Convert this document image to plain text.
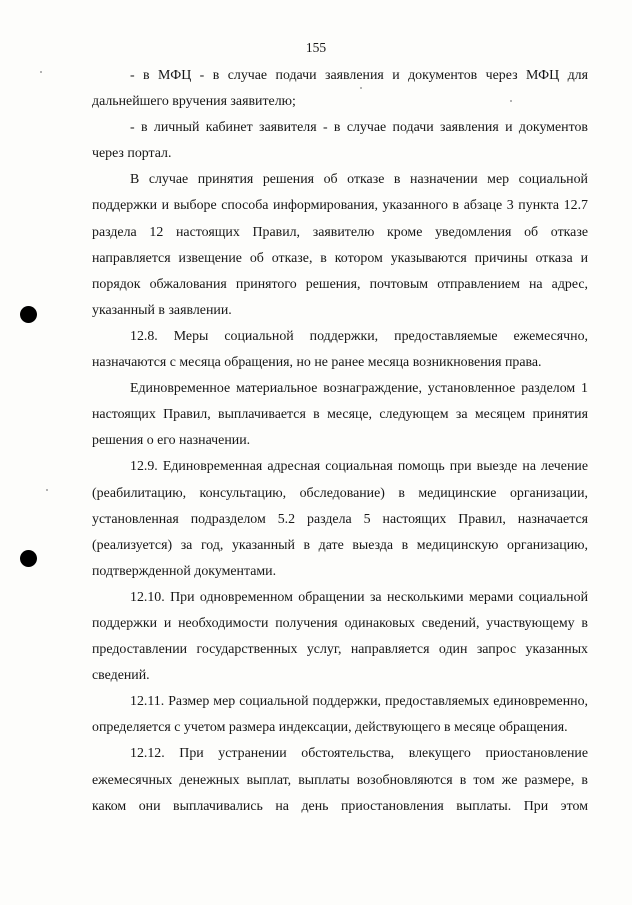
155

- в МФЦ - в случае подачи заявления и документов через МФЦ для дальнейшего вручения заявителю;

- в личный кабинет заявителя - в случае подачи заявления и документов через портал.

В случае принятия решения об отказе в назначении мер социальной поддержки и выборе способа информирования, указанного в абзаце 3 пункта 12.7 раздела 12 настоящих Правил, заявителю кроме уведомления об отказе направляется извещение об отказе, в котором указываются причины отказа и порядок обжалования принятого решения, почтовым отправлением на адрес, указанный в заявлении.

12.8. Меры социальной поддержки, предоставляемые ежемесячно, назначаются с месяца обращения, но не ранее месяца возникновения права.

Единовременное материальное вознаграждение, установленное разделом 1 настоящих Правил, выплачивается в месяце, следующем за месяцем принятия решения о его назначении.

12.9. Единовременная адресная социальная помощь при выезде на лечение (реабилитацию, консультацию, обследование) в медицинские организации, установленная подразделом 5.2 раздела 5 настоящих Правил, назначается (реализуется) за год, указанный в дате выезда в медицинскую организацию, подтвержденной документами.

12.10. При одновременном обращении за несколькими мерами социальной поддержки и необходимости получения одинаковых сведений, участвующему в предоставлении государственных услуг, направляется один запрос указанных сведений.

12.11. Размер мер социальной поддержки, предоставляемых единовременно, определяется с учетом размера индексации, действующего в месяце обращения.

12.12. При устранении обстоятельства, влекущего приостановление ежемесячных денежных выплат, выплаты возобновляются в том же размере, в каком они выплачивались на день приостановления выплаты. При этом
